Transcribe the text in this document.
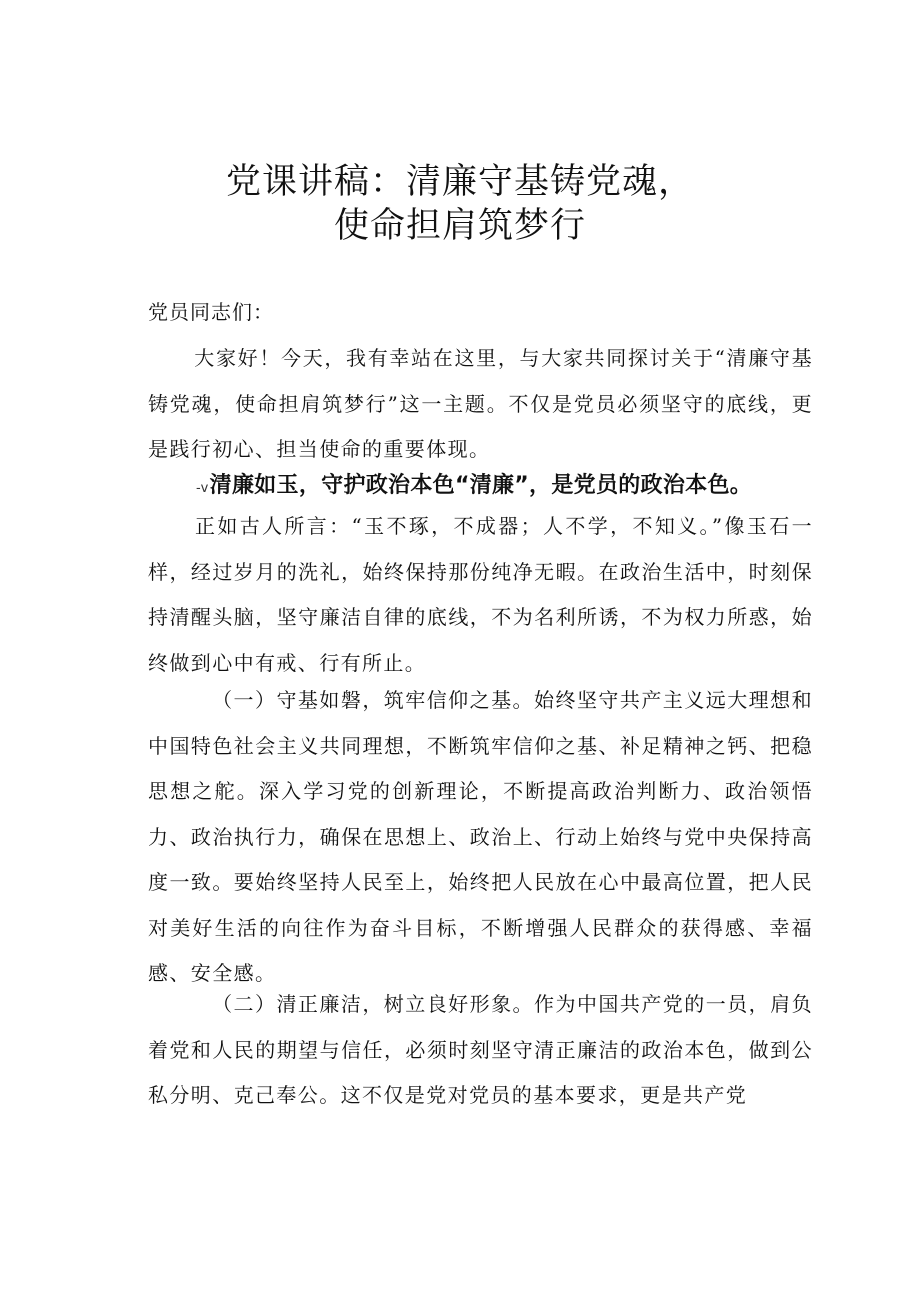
党课讲稿：清廉守基铸党魂，
使命担肩筑梦行
党员同志们：
大家好！今天，我有幸站在这里，与大家共同探讨关于“清廉守基铸党魂，使命担肩筑梦行”这一主题。不仅是党员必须坚守的底线，更是践行初心、担当使命的重要体现。
-v清廉如玉，守护政治本色“清廉”，是党员的政治本色。
正如古人所言：“玉不琢，不成器；人不学，不知义。”像玉石一样，经过岁月的洗礼，始终保持那份纯净无暇。在政治生活中，时刻保持清醒头脑，坚守廉洁自律的底线，不为名利所诱，不为权力所惑，始终做到心中有戒、行有所止。
（一）守基如磐，筑牢信仰之基。始终坚守共产主义远大理想和中国特色社会主义共同理想，不断筑牢信仰之基、补足精神之钙、把稳思想之舵。深入学习党的创新理论，不断提高政治判断力、政治领悟力、政治执行力，确保在思想上、政治上、行动上始终与党中央保持高度一致。要始终坚持人民至上，始终把人民放在心中最高位置，把人民对美好生活的向往作为奋斗目标，不断增强人民群众的获得感、幸福感、安全感。
（二）清正廉洁，树立良好形象。作为中国共产党的一员，肩负着党和人民的期望与信任，必须时刻坚守清正廉洁的政治本色，做到公私分明、克己奉公。这不仅是党对党员的基本要求，更是共产党
